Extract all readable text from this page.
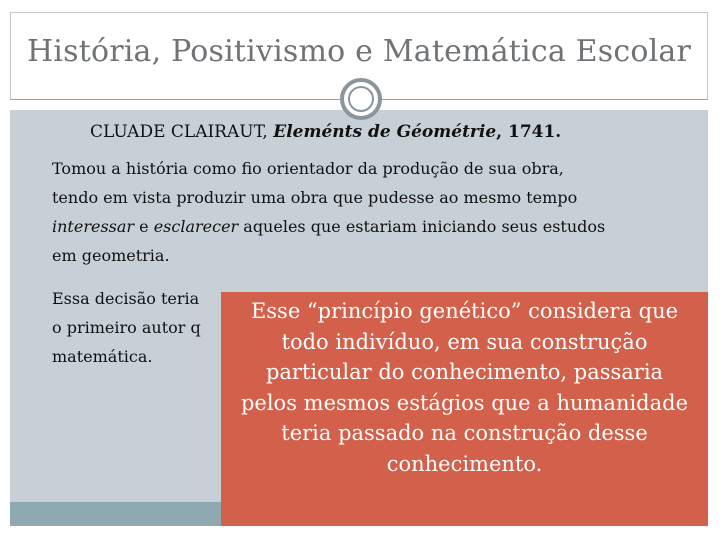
História, Positivismo e Matemática Escolar
CLUADE CLAIRAUT, Eleménts de Géométrie, 1741.
Tomou a história como fio orientador da produção de sua obra,
tendo em vista produzir uma obra que pudesse ao mesmo tempo
interessar e esclarecer aqueles que estariam iniciando seus estudos
em geometria.
Essa decisão teria
o primeiro autor q
matemática.
Esse “princípio genético” considera que
todo indivíduo, em sua construção
particular do conhecimento, passaria
pelos mesmos estágios que a humanidade
teria passado na construção desse
conhecimento.
